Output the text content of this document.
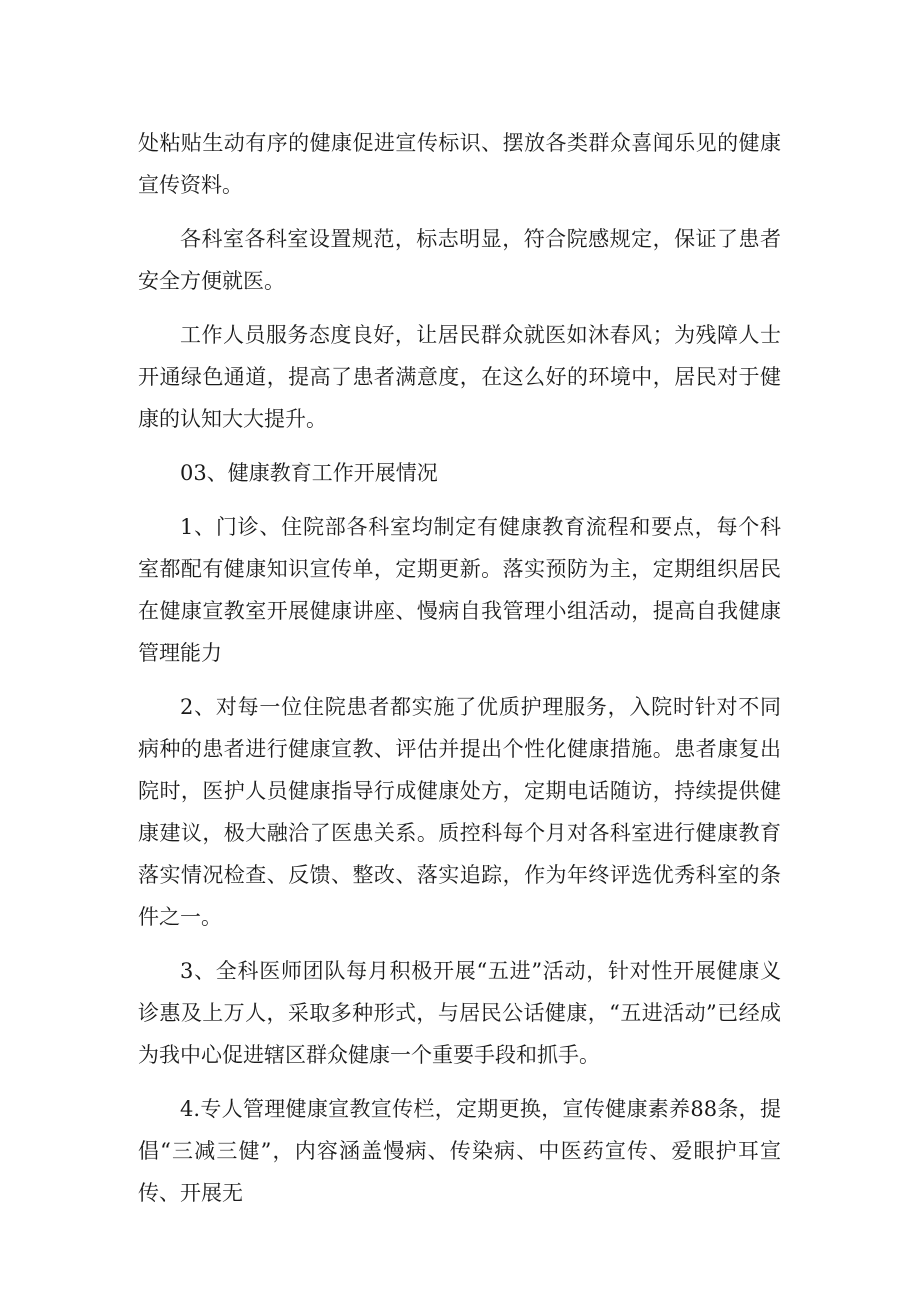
处粘贴生动有序的健康促进宣传标识、摆放各类群众喜闻乐见的健康宣传资料。

各科室各科室设置规范，标志明显，符合院感规定，保证了患者安全方便就医。

工作人员服务态度良好，让居民群众就医如沐春风；为残障人士开通绿色通道，提高了患者满意度，在这么好的环境中，居民对于健康的认知大大提升。

03、健康教育工作开展情况

1、门诊、住院部各科室均制定有健康教育流程和要点，每个科室都配有健康知识宣传单，定期更新。落实预防为主，定期组织居民在健康宣教室开展健康讲座、慢病自我管理小组活动，提高自我健康管理能力

2、对每一位住院患者都实施了优质护理服务，入院时针对不同病种的患者进行健康宣教、评估并提出个性化健康措施。患者康复出院时，医护人员健康指导行成健康处方，定期电话随访，持续提供健康建议，极大融洽了医患关系。质控科每个月对各科室进行健康教育落实情况检查、反馈、整改、落实追踪，作为年终评选优秀科室的条件之一。

3、全科医师团队每月积极开展“五进”活动，针对性开展健康义诊惠及上万人，采取多种形式，与居民公话健康，“五进活动”已经成为我中心促进辖区群众健康一个重要手段和抓手。

4.专人管理健康宣教宣传栏，定期更换，宣传健康素养88条，提倡“三减三健”，内容涵盖慢病、传染病、中医药宣传、爱眼护耳宣传、开展无
